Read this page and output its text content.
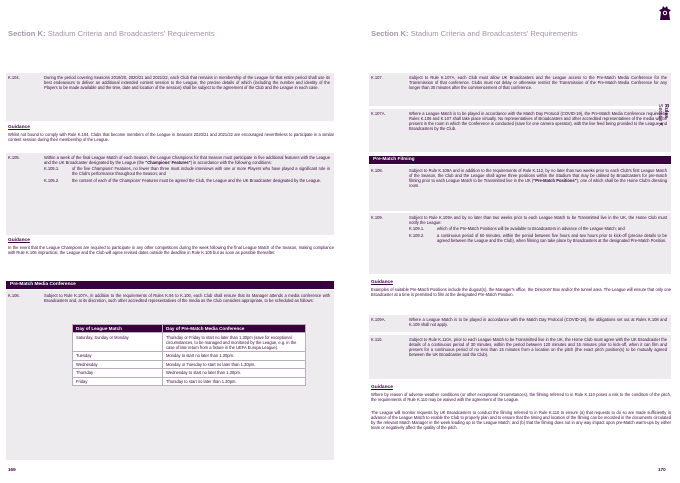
Section K: Stadium Criteria and Broadcasters' Requirements
K.104.	During the period covering Seasons 2019/20, 2020/21 and 2021/22, each Club that remains in membership of the League for that entire period shall use its best endeavours to deliver an additional extended content session to the League, the precise details of which (including the number and identity of the Players to be made available and the time, date and location of the session) shall be subject to the agreement of the Club and the League in each case.
Guidance
Whilst not bound to comply with Rule K.104, Clubs that become members of the League in Seasons 2020/21 and 2021/22 are encouraged nevertheless to participate in a similar content session during their membership of the League.
K.105.	Within a week of the final League Match of each Season, the League Champions for that Season must participate in five additional features with the League and the UK Broadcaster designated by the League (the "Champions' Features") in accordance with the following conditions:
K.105.1.	of the five Champions' Features, no fewer than three must include interviews with one or more Players who have played a significant role in the Club's performance throughout the Season; and
K.105.2.	the content of each of the Champions' Features must be agreed the Club, the League and the UK Broadcaster designated by the League.
Guidance
In the event that the League Champions are required to participate in any other competitions during the week following the final League Match of the Season, making compliance with Rule K.105 impractical, the League and the Club will agree revised dates outside the deadline in Rule K.105 but as soon as possible thereafter.
Pre-Match Media Conference
K.106.	Subject to Rule K.107A, in addition to the requirements of Rules K.94 to K.100, each Club shall ensure that its Manager attends a media conference with Broadcasters and, at its discretion, such other accredited representatives of the media as the Club considers appropriate, to be scheduled as follows:
Day of League Match	Day of Pre-Match Media Conference
Saturday, Sunday or Monday	Thursday or Friday to start no later than 1.30pm (save for exceptional circumstances, to be managed and monitored by the League, e.g. in the case of late return from a fixture in the UEFA Europa League).
Tuesday	Monday to start no later than 1.30pm.
Wednesday	Monday or Tuesday to start no later than 1.30pm.
Thursday	Wednesday to start no later than 1.30pm.
Friday	Thursday to start no later than 1.30pm.
169
Section K: Stadium Criteria and Broadcasters' Requirements
K.107.	Subject to Rule K.107A, each Club must allow UK Broadcasters and the League access to the Pre-Match Media Conference for the Transmission of that conference. Clubs must not delay or otherwise restrict the Transmission of the Pre-Match Media Conference for any longer than 30 minutes after the commencement of that conference.
K.107A.	Where a League Match is to be played in accordance with the Match Day Protocol (COVID-19), the Pre-Match Media Conference required by Rules K.106 and K.107 shall take place virtually. No representatives of Broadcasters and other accredited representatives of the media will be present in the room in which the Conference is conducted (save for one camera operator), with the live feed being provided to the League and Broadcasters by the Club.
Pre-Match Filming
K.108.	Subject to Rule K.109A and in addition to the requirements of Rule K.113, by no later than two weeks prior to each Club's first League Match of the Season, the Club and the League shall agree three positions within the Stadium that may be utilised by Broadcasters for pre-match filming prior to each League Match to be Transmitted live in the UK ("Pre-Match Positions"), one of which shall be the Home Club's dressing room.
K.109.	Subject to Rule K.109A and by no later than two weeks prior to each League Match to be Transmitted live in the UK, the Home Club must notify the League:
K.109.1.	which of the Pre-Match Positions will be available to Broadcasters in advance of the League Match; and
K.109.2.	a continuous period of 60 minutes, within the period between five hours and two hours prior to kick-off (precise details to be agreed between the League and the Club), when filming can take place by Broadcasters at the designated Pre-Match Position.
Guidance
Examples of suitable Pre-Match Positions include the dugout(s), the Manager's office, the Directors' Box and/or the tunnel area. The League will ensure that only one Broadcaster at a time is permitted to film at the designated Pre-Match Position.
K.109A.	Where a League Match is to be played in accordance with the Match Day Protocol (COVID-19), the obligations set out at Rules K.108 and K.109 shall not apply.
K.110.	Subject to Rule K.110A, prior to each League Match to be Transmitted live in the UK, the Home Club must agree with the UK Broadcaster the details of a continuous period of 30 minutes, within the period between 120 minutes and 15 minutes prior to kick-off, when it can film and present for a continuous period of no less than 15 minutes from a location on the pitch (the exact pitch position(s) to be mutually agreed between the UK Broadcaster and the Club).
Guidance
Where by reason of adverse weather conditions (or other exceptional circumstances), the filming referred to in Rule K.110 poses a risk to the condition of the pitch, the requirements of Rule K.110 may be waived with the agreement of the League.
The League will monitor requests by UK Broadcasters to conduct the filming referred to in Rule K.110 to ensure (a) that requests to do so are made sufficiently in advance of the League Match to enable the Club to properly plan and to ensure that the timing and location of the filming can be recorded in the documents circulated by the relevant Match Manager in the week leading up to the League Match; and (b) that the filming does not in any way impact upon pre-Match warm-ups by either team or negatively affect the quality of the pitch.
170
Rules
Section K
